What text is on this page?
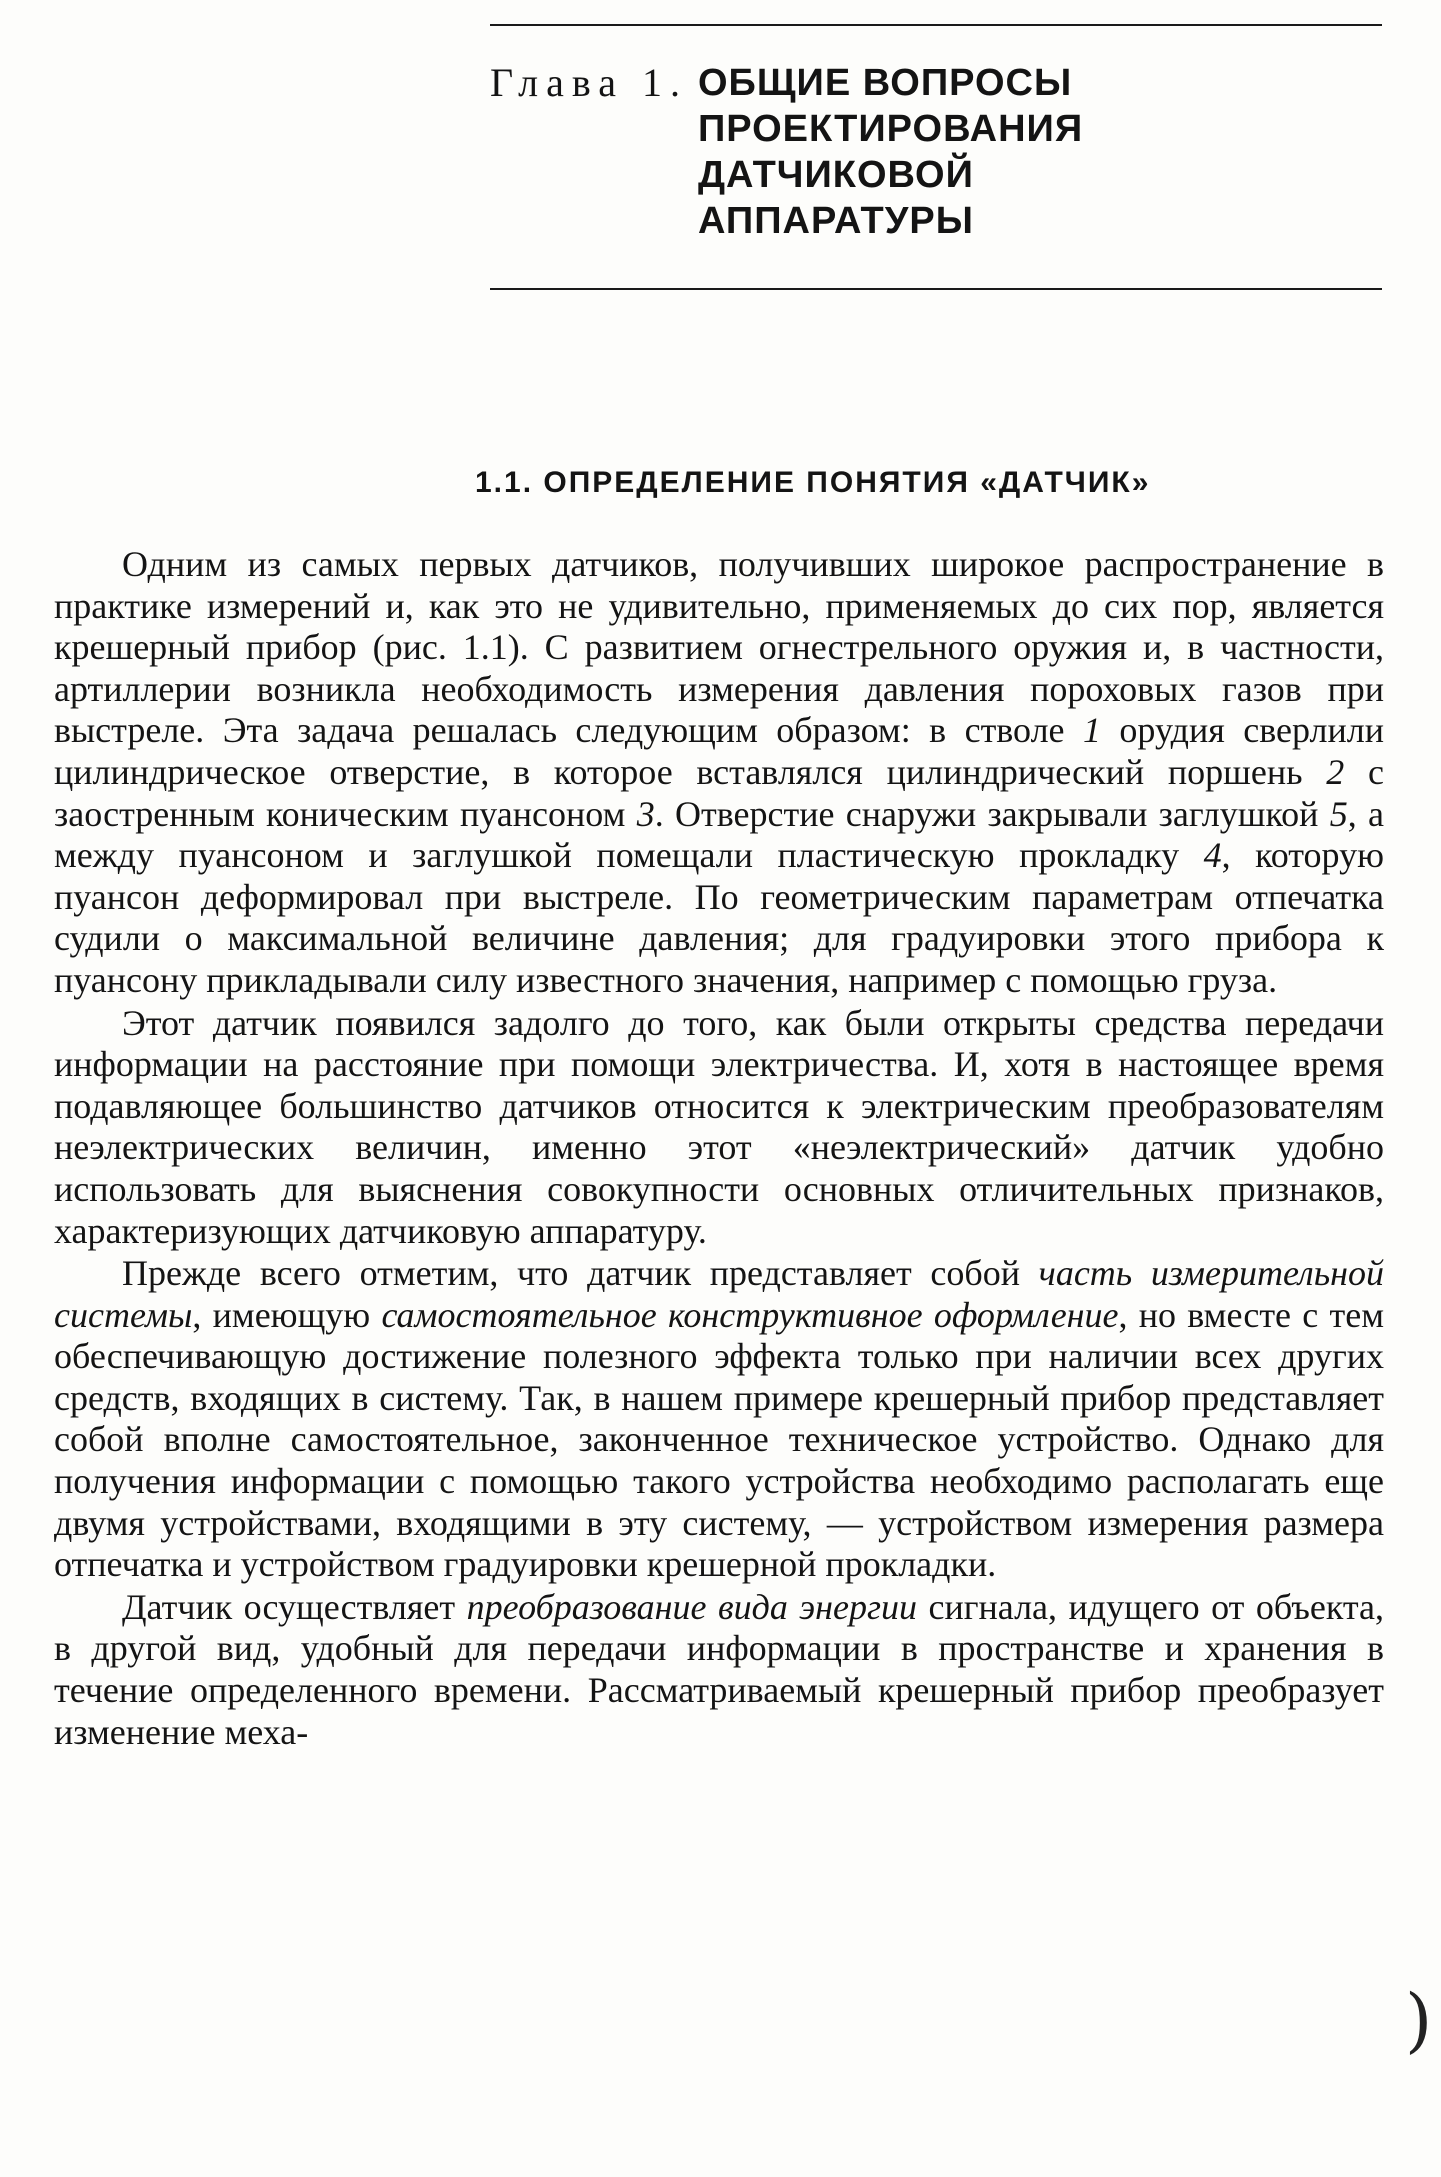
Глава 1. ОБЩИЕ ВОПРОСЫ
ПРОЕКТИРОВАНИЯ
ДАТЧИКОВОЙ
АППАРАТУРЫ
1.1. ОПРЕДЕЛЕНИЕ ПОНЯТИЯ «ДАТЧИК»

Одним из самых первых датчиков, получивших широкое распространение в практике измерений и, как это не удивительно, применяемых до сих пор, является крешерный прибор (рис. 1.1). С развитием огнестрельного оружия и, в частности, артиллерии возникла необходимость измерения давления пороховых газов при выстреле. Эта задача решалась следующим образом: в стволе 1 орудия сверлили цилиндрическое отверстие, в которое вставлялся цилиндрический поршень 2 с заостренным коническим пуансоном 3. Отверстие снаружи закрывали заглушкой 5, а между пуансоном и заглушкой помещали пластическую прокладку 4, которую пуансон деформировал при выстреле. По геометрическим параметрам отпечатка судили о максимальной величине давления; для градуировки этого прибора к пуансону прикладывали силу известного значения, например с помощью груза.

Этот датчик появился задолго до того, как были открыты средства передачи информации на расстояние при помощи электричества. И, хотя в настоящее время подавляющее большинство датчиков относится к электрическим преобразователям неэлектрических величин, именно этот «неэлектрический» датчик удобно использовать для выяснения совокупности основных отличительных признаков, характеризующих датчиковую аппаратуру.

Прежде всего отметим, что датчик представляет собой часть измерительной системы, имеющую самостоятельное конструктивное оформление, но вместе с тем обеспечивающую достижение полезного эффекта только при наличии всех других средств, входящих в систему. Так, в нашем примере крешерный прибор представляет собой вполне самостоятельное, законченное техническое устройство. Однако для получения информации с помощью такого устройства необходимо располагать еще двумя устройствами, входящими в эту систему, — устройством измерения размера отпечатка и устройством градуировки крешерной прокладки.

Датчик осуществляет преобразование вида энергии сигнала, идущего от объекта, в другой вид, удобный для передачи информации в пространстве и хранения в течение определенного времени. Рассматриваемый крешерный прибор преобразует изменение меха-

)
